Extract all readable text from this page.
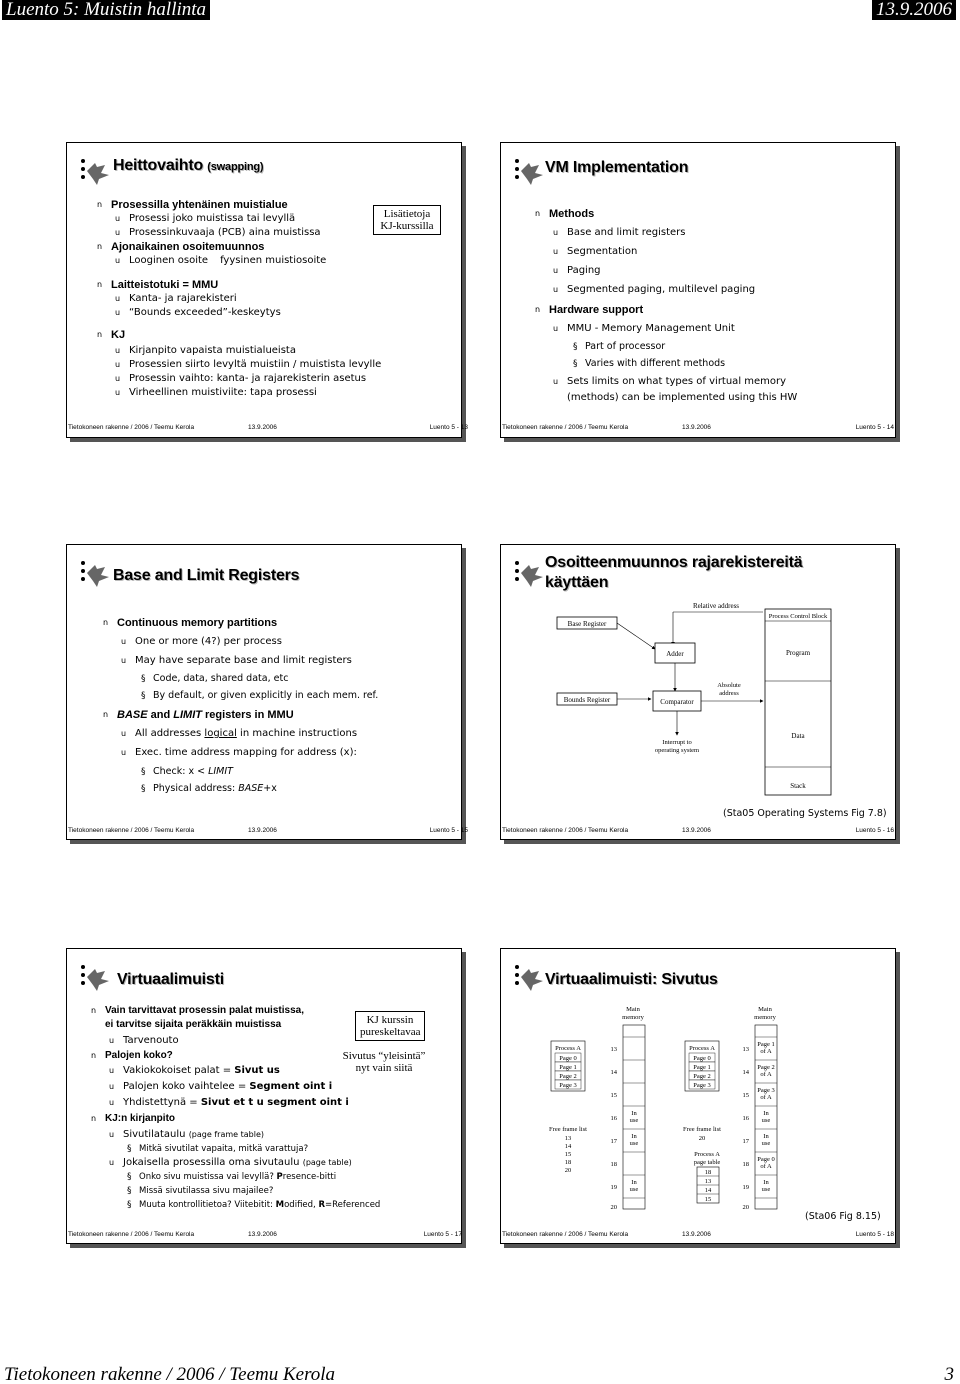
Luento 5: Muistin hallinta	13.9.2006
Tietokoneen rakenne / 2006 / Teemu Kerola	3
Heittovaihto (swapping)
Lisätietoja
KJ-kurssilla
n Prosessilla yhtenäinen muistialue
u Prosessi joko muistissa tai levyllä
u Prosessinkuvaaja (PCB) aina muistissa
n Ajonaikainen osoitemuunnos
u Looginen osoite fyysinen muistiosoite
n Laitteistotuki = MMU
u Kanta- ja rajarekisteri
u “Bounds exceeded”-keskeytys
n KJ
u Kirjanpito vapaista muistialueista
u Prosessien siirto levyltä muistiin / muistista levylle
u Prosessin vaihto: kanta- ja rajarekisterin asetus
u Virheellinen muistiviite: tapa prosessi
Tietokoneen rakenne / 2006 / Teemu Kerola	13.9.2006	Luento 5 - 13
VM Implementation
n Methods
u Base and limit registers
u Segmentation
u Paging
u Segmented paging, multilevel paging
n Hardware support
u MMU - Memory Management Unit
§ Part of processor
§ Varies with different methods
u Sets limits on what types of virtual memory
(methods) can be implemented using this HW
Tietokoneen rakenne / 2006 / Teemu Kerola	13.9.2006	Luento 5 - 14
Base and Limit Registers
n Continuous memory partitions
u One or more (4?) per process
u May have separate base and limit registers
§ Code, data, shared data, etc
§ By default, or given explicitly in each mem. ref.
n BASE and LIMIT registers in MMU
u All addresses logical in machine instructions
u Exec. time address mapping for address (x):
§ Check: x < LIMIT
§ Physical address: BASE+x
Tietokoneen rakenne / 2006 / Teemu Kerola	13.9.2006	Luento 5 - 15
Osoitteenmuunnos rajarekistereitä
käyttäen
Relative address
Process Control Block
Program
Data
Stack
Base Register
Adder
Bounds Register	Comparator
Absolute
address
Interrupt to
operating system
(Sta05 Operating Systems Fig 7.8)
Tietokoneen rakenne / 2006 / Teemu Kerola	13.9.2006	Luento 5 - 16
Virtuaalimuisti
KJ kurssin
pureskeltavaa
Sivutus “yleisintä”
nyt vain siitä
n Vain tarvittavat prosessin palat muistissa,
ei tarvitse sijaita peräkkäin muistissa
u Tarvenouto
n Palojen koko?
u Vakiokokoiset palat = Sivut us
u Palojen koko vaihtelee = Segment oint i
u Yhdistettynä = Sivut et t u segment oint i
n KJ:n kirjanpito
u Sivutilataulu (page frame table)
§ Mitkä sivutilat vapaita, mitkä varattuja?
u Jokaisella prosessilla oma sivutaulu (page table)
§ Onko sivu muistissa vai levyllä? Presence-bitti
§ Missä sivutilassa sivu majailee?
§ Muuta kontrollitietoa? Viitebitit: Modified, R=Referenced
Tietokoneen rakenne / 2006 / Teemu Kerola	13.9.2006	Luento 5 - 17
Virtuaalimuisti: Sivutus
Main
memory
Process A
Page 0
Page 1
Page 2
Page 3
Free frame list
13
14
15
18
20
13
14
15
16
17
18
19
20
In
use
In
use
In
use
Main
memory
Process A
Page 0
Page 1
Page 2
Page 3
Free frame list
20
Process A
page table
18
13
14
15
13
14
15
16
17
18
19
20
Page 1
of A
Page 2
of A
Page 3
of A
In
use
In
use
Page 0
of A
In
use
(Sta06 Fig 8.15)
Tietokoneen rakenne / 2006 / Teemu Kerola	13.9.2006	Luento 5 - 18
